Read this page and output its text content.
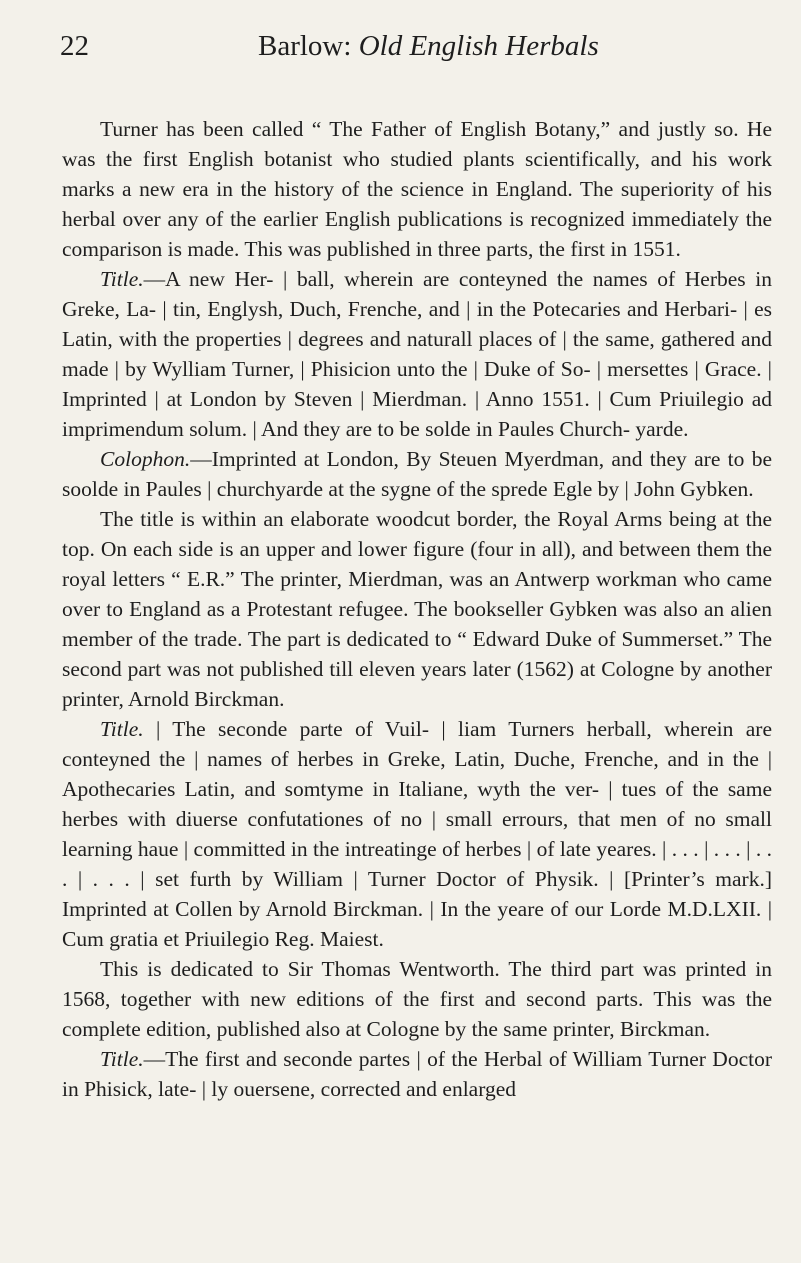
22	Barlow: Old English Herbals

Turner has been called “ The Father of English Botany,” and justly so. He was the first English botanist who studied plants scientifically, and his work marks a new era in the history of the science in England. The superiority of his herbal over any of the earlier English publications is recognized immediately the comparison is made. This was published in three parts, the first in 1551.

Title.—A new Her- | ball, wherein are conteyned the names of Herbes in Greke, La- | tin, Englysh, Duch, Frenche, and | in the Potecaries and Herbari- | es Latin, with the properties | degrees and naturall places of | the same, gathered and made | by Wylliam Turner, | Phisicion unto the | Duke of So- | mersettes | Grace. | Imprinted | at London by Steven | Mierdman. | Anno 1551. | Cum Priuilegio ad imprimendum solum. | And they are to be solde in Paules Church- yarde.

Colophon.—Imprinted at London, By Steuen Myerdman, and they are to be soolde in Paules | churchyarde at the sygne of the sprede Egle by | John Gybken.

The title is within an elaborate woodcut border, the Royal Arms being at the top. On each side is an upper and lower figure (four in all), and between them the royal letters “ E.R.” The printer, Mierdman, was an Antwerp workman who came over to England as a Protestant refugee. The bookseller Gybken was also an alien member of the trade. The part is dedicated to “ Edward Duke of Summerset.” The second part was not published till eleven years later (1562) at Cologne by another printer, Arnold Birckman.

Title. | The seconde parte of Vuil- | liam Turners herball, wherein are conteyned the | names of herbes in Greke, Latin, Duche, Frenche, and in the | Apothecaries Latin, and somtyme in Italiane, wyth the ver- | tues of the same herbes with diuerse confutationes of no | small errours, that men of no small learning haue | committed in the intreatinge of herbes | of late yeares. | . . . | . . . | . . . | . . . | set furth by William | Turner Doctor of Physik. | [Printer’s mark.] Imprinted at Collen by Arnold Birckman. | In the yeare of our Lorde M.D.LXII. | Cum gratia et Priuilegio Reg. Maiest.

This is dedicated to Sir Thomas Wentworth. The third part was printed in 1568, together with new editions of the first and second parts. This was the complete edition, published also at Cologne by the same printer, Birckman.

Title.—The first and seconde partes | of the Herbal of William Turner Doctor in Phisick, late- | ly ouersene, corrected and enlarged
